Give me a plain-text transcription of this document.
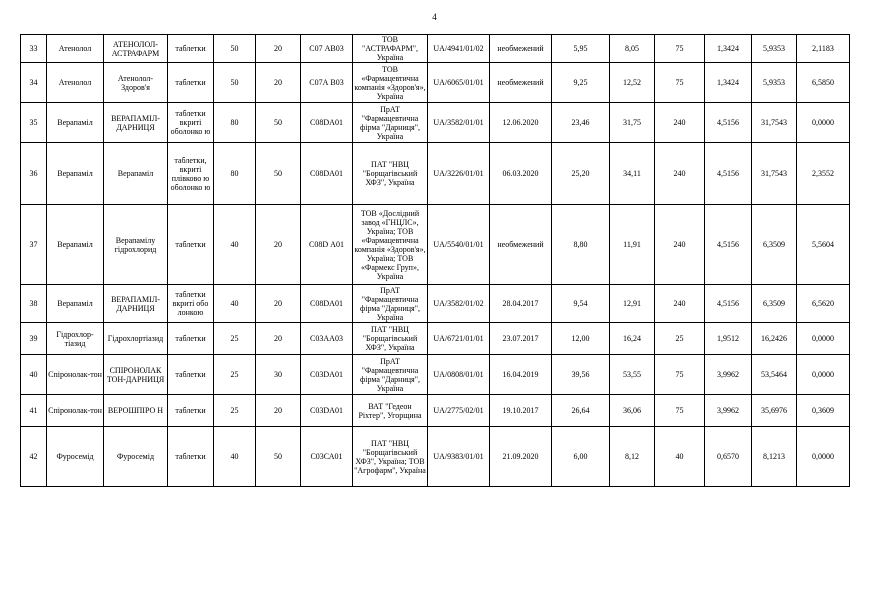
4
33	Атенолол	АТЕНОЛОЛ-АСТРАФАРМ	таблетки	50	20	С07 АВ03	ТОВ "АСТРАФАРМ", Україна	UA/4941/01/02	необмежений	5,95	8,05	75	1,3424	5,9353	2,1183
34	Атенолол	Атенолол-Здоров'я	таблетки	50	20	С07А В03	ТОВ «Фармацевтична компанія «Здоров'я», Україна	UA/6065/01/01	необмежений	9,25	12,52	75	1,3424	5,9353	6,5850
35	Верапаміл	ВЕРАПАМІЛ-ДАРНИЦЯ	таблетки вкриті оболонко ю	80	50	С08DA01	ПрАТ "Фармацевтична фірма "Дарниця", Україна	UA/3582/01/01	12.06.2020	23,46	31,75	240	4,5156	31,7543	0,0000
36	Верапаміл	Верапаміл	таблетки, вкриті плівково ю оболонко ю	80	50	С08DA01	ПАТ "НВЦ "Борщагівський ХФЗ", Україна	UA/3226/01/01	06.03.2020	25,20	34,11	240	4,5156	31,7543	2,3552
37	Верапаміл	Верапамілу гідрохлорид	таблетки	40	20	С08D А01	ТОВ «Дослідний завод «ГНЦЛС», Україна; ТОВ «Фармацевтична компанія «Здоров'я», Україна; ТОВ «Фармекс Груп», Україна	UA/5540/01/01	необмежений	8,80	11,91	240	4,5156	6,3509	5,5604
38	Верапаміл	ВЕРАПАМІЛ-ДАРНИЦЯ	таблетки вкриті обо лонкою	40	20	С08DA01	ПрАТ "Фармацевтична фірма "Дарниця", Україна	UA/3582/01/02	28.04.2017	9,54	12,91	240	4,5156	6,3509	6,5620
39	Гідрохлор-тіазид	Гідрохлортіазид	таблетки	25	20	С03АА03	ПАТ "НВЦ "Борщагівський ХФЗ", Україна	UA/6721/01/01	23.07.2017	12,00	16,24	25	1,9512	16,2426	0,0000
40	Спіронолак-тон	СПІРОНОЛАК ТОН-ДАРНИЦЯ	таблетки	25	30	С03DA01	ПрАТ "Фармацевтична фірма "Дарниця", Україна	UA/0808/01/01	16.04.2019	39,56	53,55	75	3,9962	53,5464	0,0000
41	Спіронолак-тон	ВЕРОШПІРО Н	таблетки	25	20	С03DA01	ВАТ "Гедеон Ріхтер", Угорщина	UA/2775/02/01	19.10.2017	26,64	36,06	75	3,9962	35,6976	0,3609
42	Фуросемід	Фуросемід	таблетки	40	50	С03СА01	ПАТ "НВЦ "Борщагівський ХФЗ", Україна; ТОВ "Агрофарм", Україна	UA/9383/01/01	21.09.2020	6,00	8,12	40	0,6570	8,1213	0,0000
